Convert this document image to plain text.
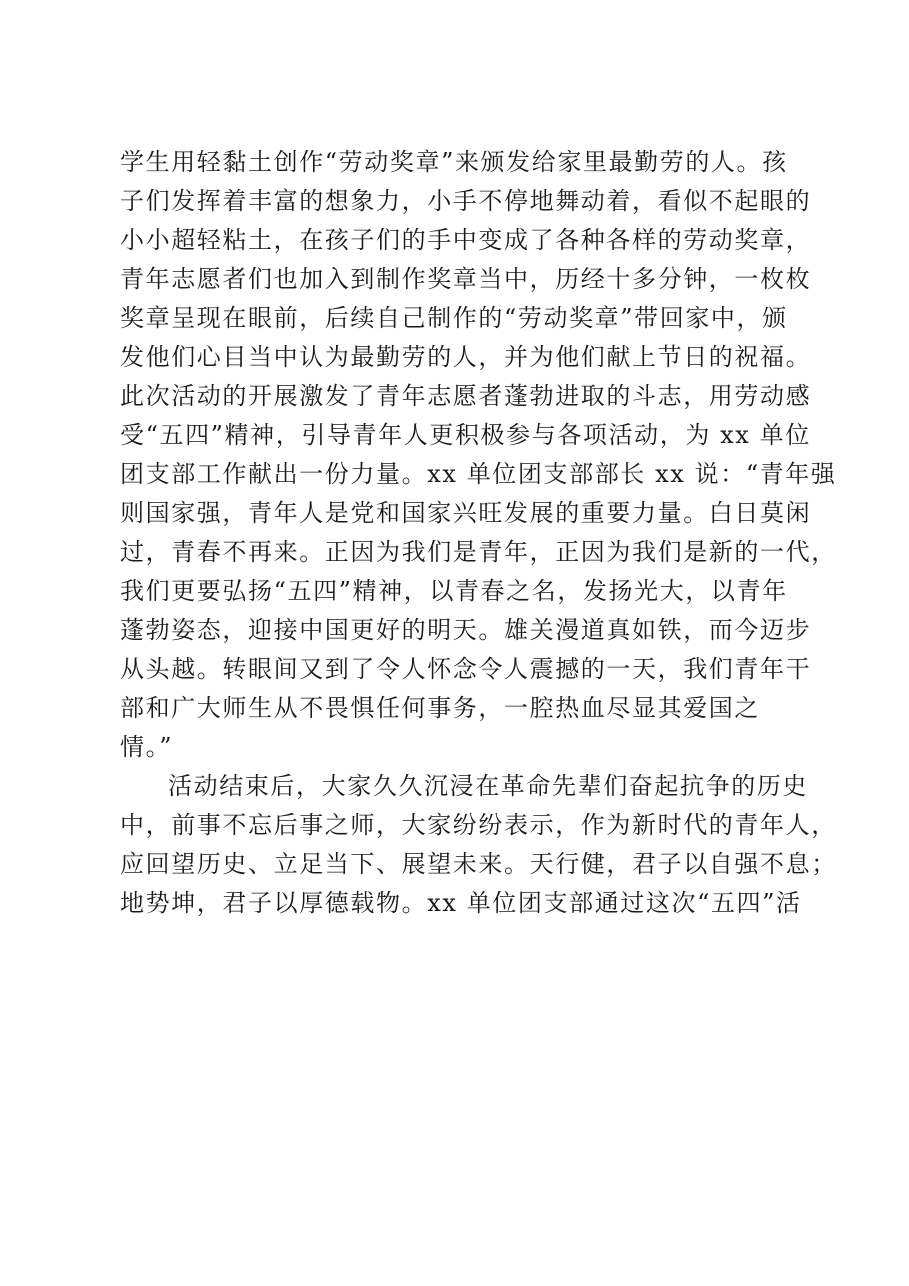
学生用轻黏土创作“劳动奖章”来颁发给家里最勤劳的人。孩
子们发挥着丰富的想象力，小手不停地舞动着，看似不起眼的
小小超轻粘土，在孩子们的手中变成了各种各样的劳动奖章，
青年志愿者们也加入到制作奖章当中，历经十多分钟，一枚枚
奖章呈现在眼前，后续自己制作的“劳动奖章”带回家中，颁
发他们心目当中认为最勤劳的人，并为他们献上节日的祝福。
此次活动的开展激发了青年志愿者蓬勃进取的斗志，用劳动感
受“五四”精神，引导青年人更积极参与各项活动，为 xx 单位
团支部工作献出一份力量。xx 单位团支部部长 xx 说：“青年强
则国家强，青年人是党和国家兴旺发展的重要力量。白日莫闲
过，青春不再来。正因为我们是青年，正因为我们是新的一代，
我们更要弘扬“五四”精神，以青春之名，发扬光大，以青年
蓬勃姿态，迎接中国更好的明天。雄关漫道真如铁，而今迈步
从头越。转眼间又到了令人怀念令人震撼的一天，我们青年干
部和广大师生从不畏惧任何事务，一腔热血尽显其爱国之
情。”
活动结束后，大家久久沉浸在革命先辈们奋起抗争的历史
中，前事不忘后事之师，大家纷纷表示，作为新时代的青年人，
应回望历史、立足当下、展望未来。天行健，君子以自强不息；
地势坤，君子以厚德载物。xx 单位团支部通过这次“五四”活
